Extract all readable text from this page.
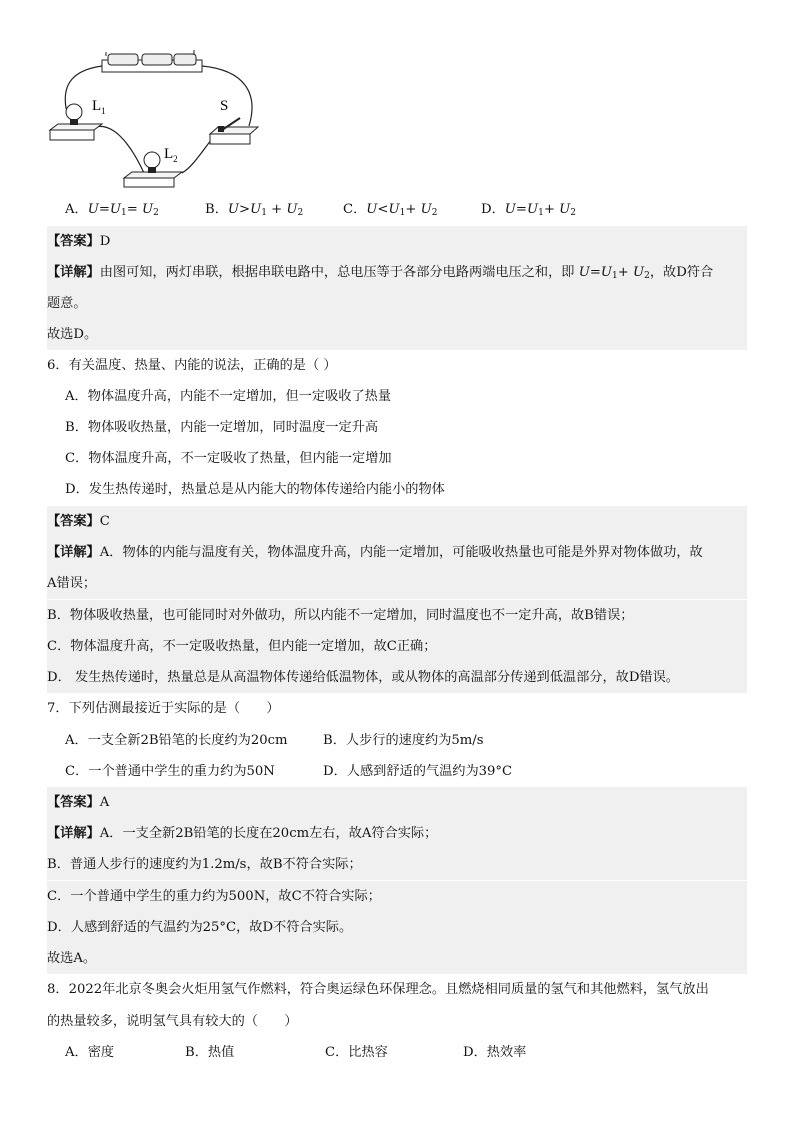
$L_1$	S
$L_2$
A．$U=U_1= U_2$	B．$U>U_1 + U_2$	C．$U<U_1+ U_2$	D．$U=U_1+ U_2$
【答案】D
【详解】由图可知，两灯串联，根据串联电路中，总电压等于各部分电路两端电压之和，即 $U=U_1+ U_2$，故D符合
题意。
故选D。
6．有关温度、热量、内能的说法，正确的是（ ）
A．物体温度升高，内能不一定增加，但一定吸收了热量
B．物体吸收热量，内能一定增加，同时温度一定升高
C．物体温度升高，不一定吸收了热量，但内能一定增加
D．发生热传递时，热量总是从内能大的物体传递给内能小的物体
【答案】C
【详解】A．物体的内能与温度有关，物体温度升高，内能一定增加，可能吸收热量也可能是外界对物体做功，故
A错误；
B．物体吸收热量，也可能同时对外做功，所以内能不一定增加，同时温度也不一定升高，故B错误；
C．物体温度升高，不一定吸收热量，但内能一定增加，故C正确；
D． 发生热传递时，热量总是从高温物体传递给低温物体，或从物体的高温部分传递到低温部分，故D错误。
7．下列估测最接近于实际的是（　　）
A．一支全新2B铅笔的长度约为20cm	B．人步行的速度约为5m/s
C．一个普通中学生的重力约为50N	D．人感到舒适的气温约为39°C
【答案】A
【详解】A．一支全新2B铅笔的长度在20cm左右，故A符合实际；
B．普通人步行的速度约为1.2m/s，故B不符合实际；
C．一个普通中学生的重力约为500N，故C不符合实际；
D．人感到舒适的气温约为25°C，故D不符合实际。
故选A。
8．2022年北京冬奥会火炬用氢气作燃料，符合奥运绿色环保理念。且燃烧相同质量的氢气和其他燃料，氢气放出
的热量较多，说明氢气具有较大的（　　）
A．密度	B．热值	C．比热容	D．热效率
